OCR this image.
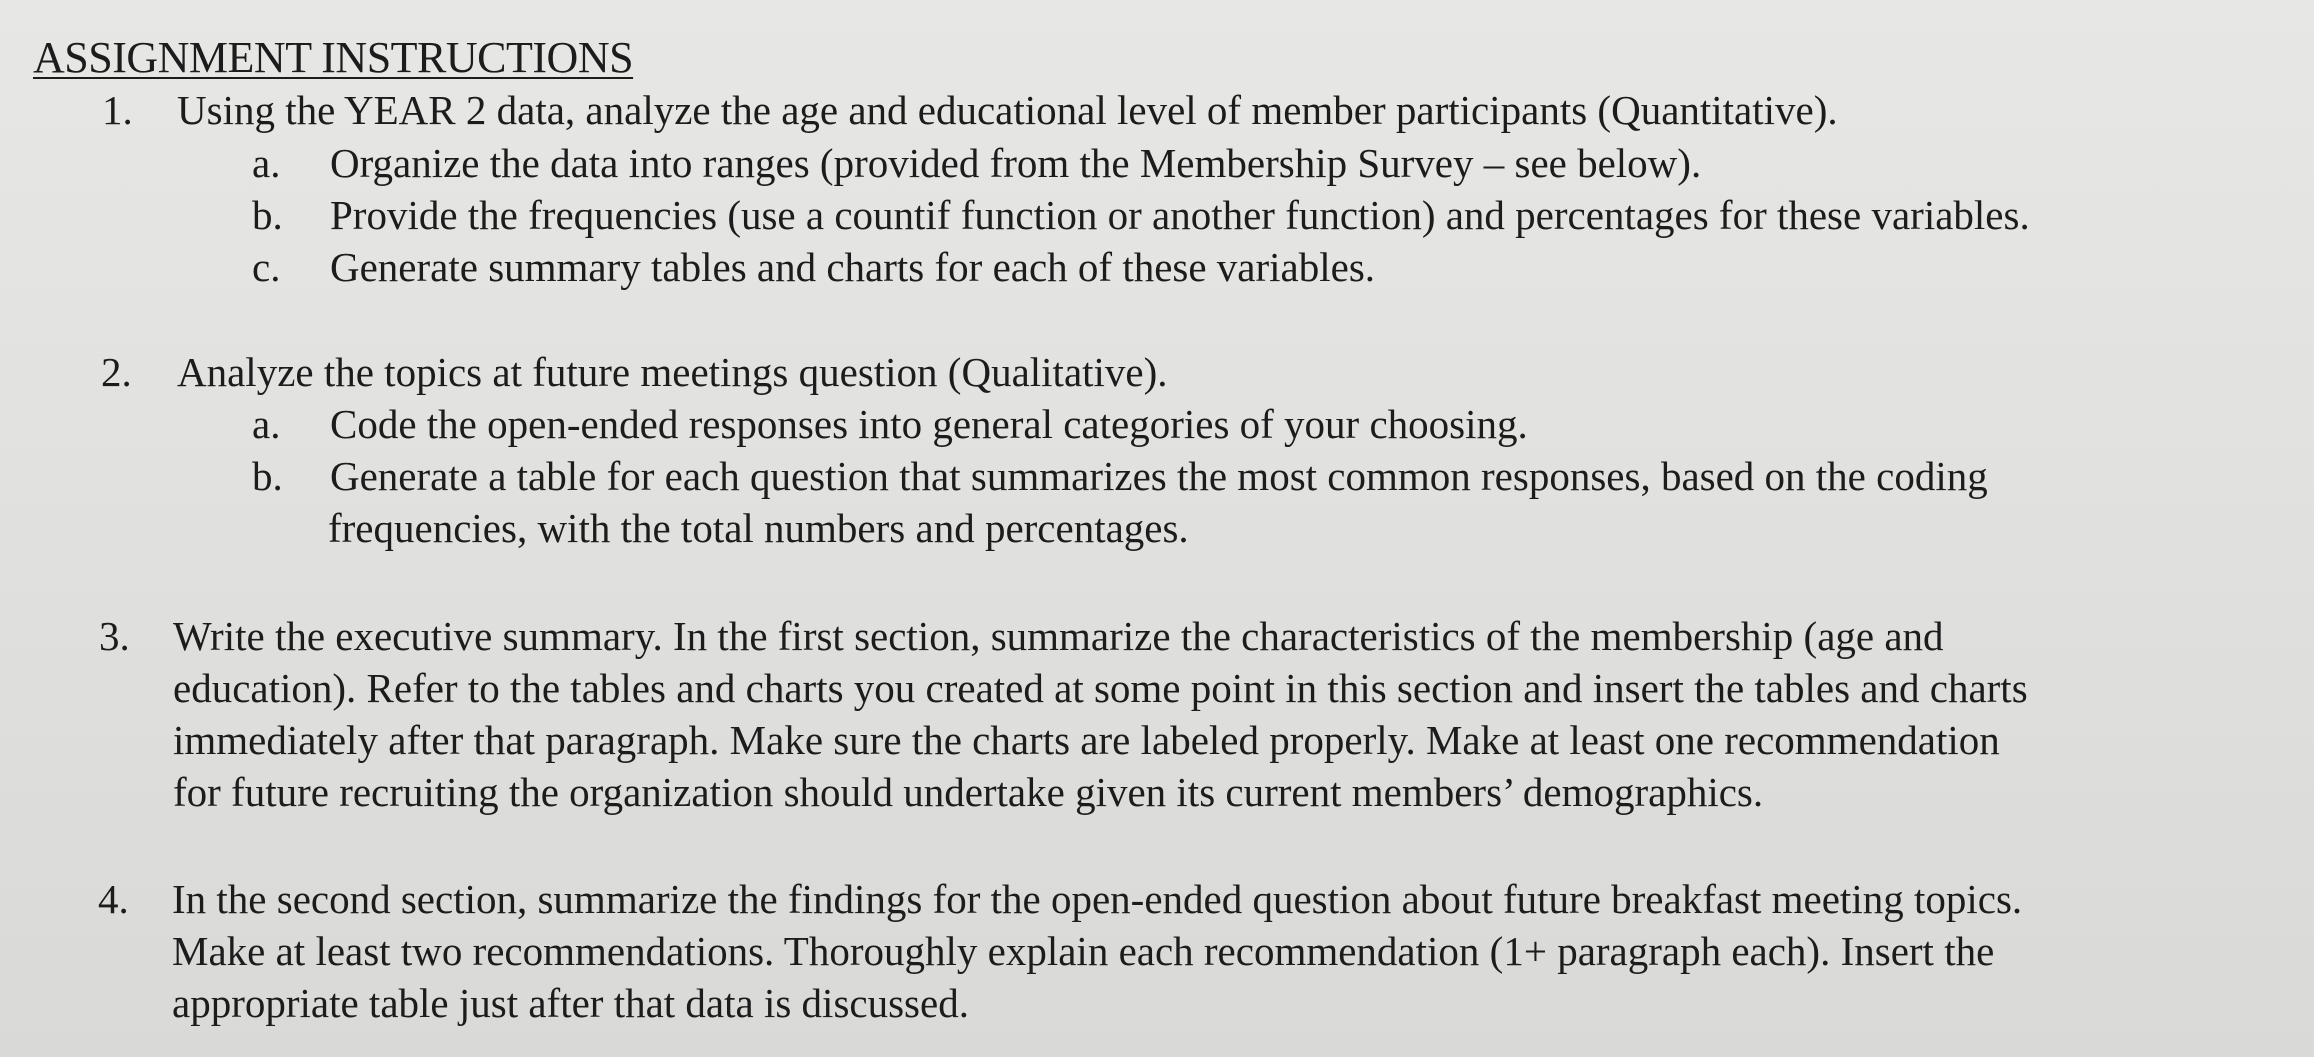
ASSIGNMENT INSTRUCTIONS
1. Using the YEAR 2 data, analyze the age and educational level of member participants (Quantitative).
a. Organize the data into ranges (provided from the Membership Survey – see below).
b. Provide the frequencies (use a countif function or another function) and percentages for these variables.
c. Generate summary tables and charts for each of these variables.
2. Analyze the topics at future meetings question (Qualitative).
a. Code the open-ended responses into general categories of your choosing.
b. Generate a table for each question that summarizes the most common responses, based on the coding
frequencies, with the total numbers and percentages.
3. Write the executive summary. In the first section, summarize the characteristics of the membership (age and
education). Refer to the tables and charts you created at some point in this section and insert the tables and charts
immediately after that paragraph. Make sure the charts are labeled properly. Make at least one recommendation
for future recruiting the organization should undertake given its current members’ demographics.
4. In the second section, summarize the findings for the open-ended question about future breakfast meeting topics.
Make at least two recommendations. Thoroughly explain each recommendation (1+ paragraph each). Insert the
appropriate table just after that data is discussed.
